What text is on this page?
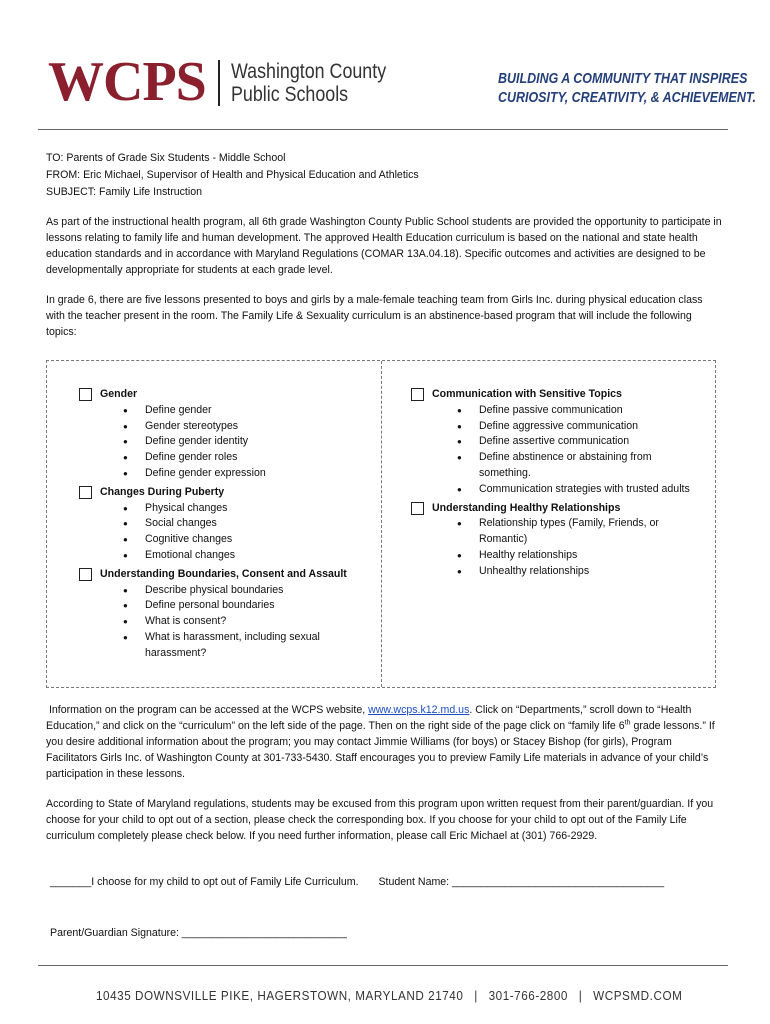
WCPS Washington County
Public Schools
BUILDING A COMMUNITY THAT INSPIRES
CURIOSITY, CREATIVITY, & ACHIEVEMENT.

TO: Parents of Grade Six Students - Middle School

FROM: Eric Michael, Supervisor of Health and Physical Education and Athletics

SUBJECT: Family Life Instruction

As part of the instructional health program, all 6th grade Washington County Public School students are provided the opportunity to participate in lessons relating to family life and human development. The approved Health Education curriculum is based on the national and state health education standards and in accordance with Maryland Regulations (COMAR 13A.04.18). Specific outcomes and activities are designed to be developmentally appropriate for students at each grade level.

In grade 6, there are five lessons presented to boys and girls by a male-female teaching team from Girls Inc. during physical education class with the teacher present in the room. The Family Life & Sexuality curriculum is an abstinence-based program that will include the following topics:

Gender
● Define gender
● Gender stereotypes
● Define gender identity
● Define gender roles
● Define gender expression
Changes During Puberty
● Physical changes
● Social changes
● Cognitive changes
● Emotional changes
Understanding Boundaries, Consent and Assault
● Describe physical boundaries
● Define personal boundaries
● What is consent?
● What is harassment, including sexual harassment?
Communication with Sensitive Topics
● Define passive communication
● Define aggressive communication
● Define assertive communication
● Define abstinence or abstaining from something.
● Communication strategies with trusted adults
Understanding Healthy Relationships
● Relationship types (Family, Friends, or Romantic)
● Healthy relationships
● Unhealthy relationships

Information on the program can be accessed at the WCPS website, www.wcps.k12.md.us. Click on “Departments,” scroll down to “Health Education,” and click on the “curriculum” on the left side of the page. Then on the right side of the page click on “family life 6th grade lessons.” If you desire additional information about the program; you may contact Jimmie Williams (for boys) or Stacey Bishop (for girls), Program Facilitators Girls Inc. of Washington County at 301-733-5430. Staff encourages you to preview Family Life materials in advance of your child’s participation in these lessons.

According to State of Maryland regulations, students may be excused from this program upon written request from their parent/guardian. If you choose for your child to opt out of a section, please check the corresponding box. If you choose for your child to opt out of the Family Life curriculum completely please check below. If you need further information, please call Eric Michael at (301) 766-2929.

_______I choose for my child to opt out of Family Life Curriculum. Student Name: ____________________________________
Parent/Guardian Signature: ____________________________
10435 DOWNSVILLE PIKE, HAGERSTOWN, MARYLAND 21740 | 301-766-2800 | WCPSMD.COM
